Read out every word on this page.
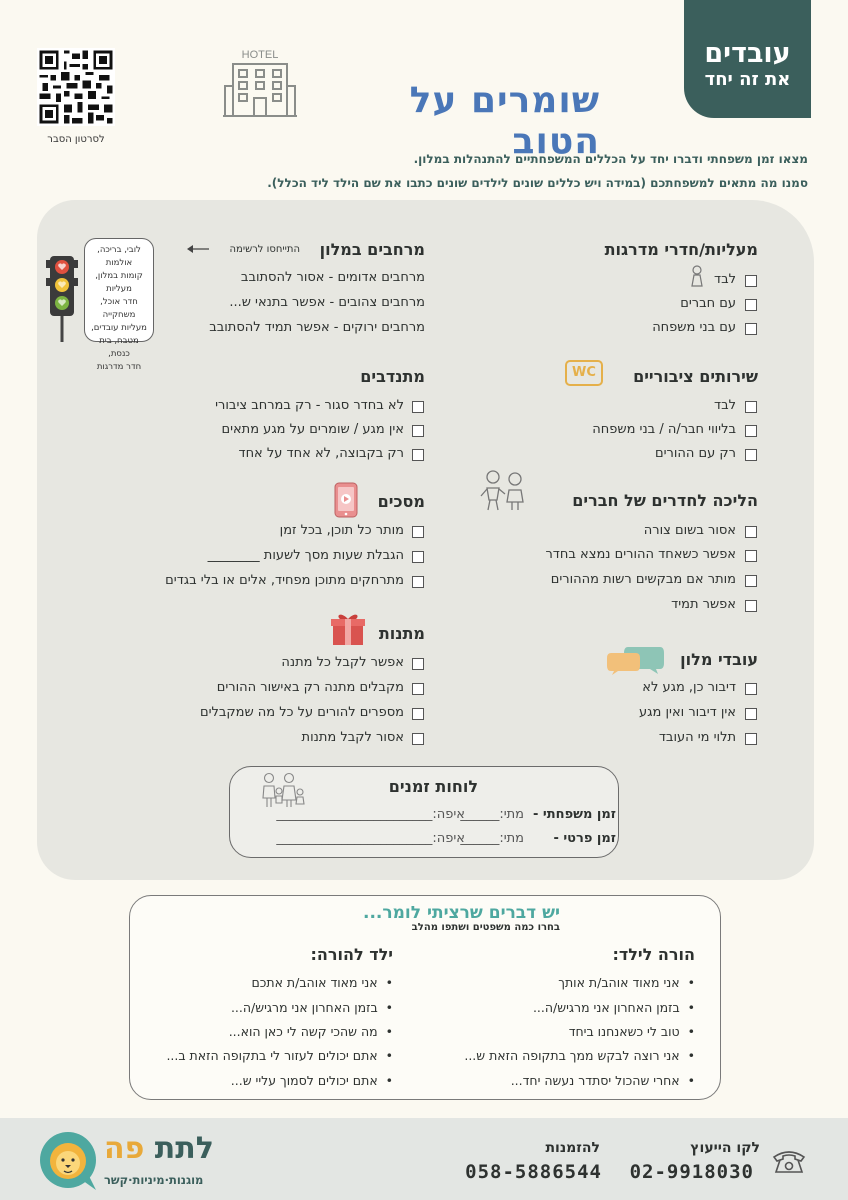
עובדים
את זה יחד
לסרטון הסבר
HOTEL
שומרים על הטוב
מצאו זמן משפחתי ודברו יחד על הכללים המשפחתיים להתנהלות במלון.
סמנו מה מתאים למשפחתכם (במידה ויש כללים שונים לילדים שונים כתבו את שם הילד ליד הכלל).
מעליות/חדרי מדרגות
לבד
עם חברים
עם בני משפחה
שירותים ציבוריים
WC
לבד
בליווי חבר/ה / בני משפחה
רק עם ההורים
הליכה לחדרים של חברים
אסור בשום צורה
אפשר כשאחד ההורים נמצא בחדר
מותר אם מבקשים רשות מההורים
אפשר תמיד
עובדי מלון
דיבור כן, מגע לא
אין דיבור ואין מגע
תלוי מי העובד
מרחבים במלון
התייחסו לרשימה
מרחבים אדומים - אסור להסתובב
מרחבים צהובים - אפשר בתנאי ש...
מרחבים ירוקים - אפשר תמיד להסתובב
לובי, בריכה, אולמות
קומות במלון, מעליות
חדר אוכל, משחקייה
מעליות עובדים,
מטבח, בית כנסת,
חדר מדרגות	מתנדבים
לא בחדר סגור - רק במרחב ציבורי
אין מגע / שומרים על מגע מתאים
רק בקבוצה, לא אחד על אחד
מסכים
מותר כל תוכן, בכל זמן
הגבלת שעות מסך לשעות ________
מתרחקים מתוכן מפחיד, אלים או בלי בגדים
מתנות
אפשר לקבל כל מתנה
מקבלים מתנה רק באישור ההורים
מספרים להורים על כל מה שמקבלים
אסור לקבל מתנות
לוחות זמנים
זמן משפחתי -
מתי:______
איפה:________________________
זמן פרטי -
מתי:______
איפה:________________________
יש דברים שרציתי לומר...
בחרו כמה משפטים ושתפו מהלב
הורה לילד:
•  אני מאוד אוהב/ת אותך
•  בזמן האחרון אני מרגיש/ה...
•  טוב לי כשאנחנו ביחד
•  אני רוצה לבקש ממך בתקופה הזאת ש...
•  אחרי שהכול יסתדר נעשה יחד...
ילד להורה:
•  אני מאוד אוהב/ת אתכם
•  בזמן האחרון אני מרגיש/ה...
•  מה שהכי קשה לי כאן הוא...
•  אתם יכולים לעזור לי בתקופה הזאת ב...
•  אתם יכולים לסמוך עליי ש...
לקו הייעוץ
02-9918030
להזמנות
058-5886544
לתת פה
מוגנות·מיניות·קשר
